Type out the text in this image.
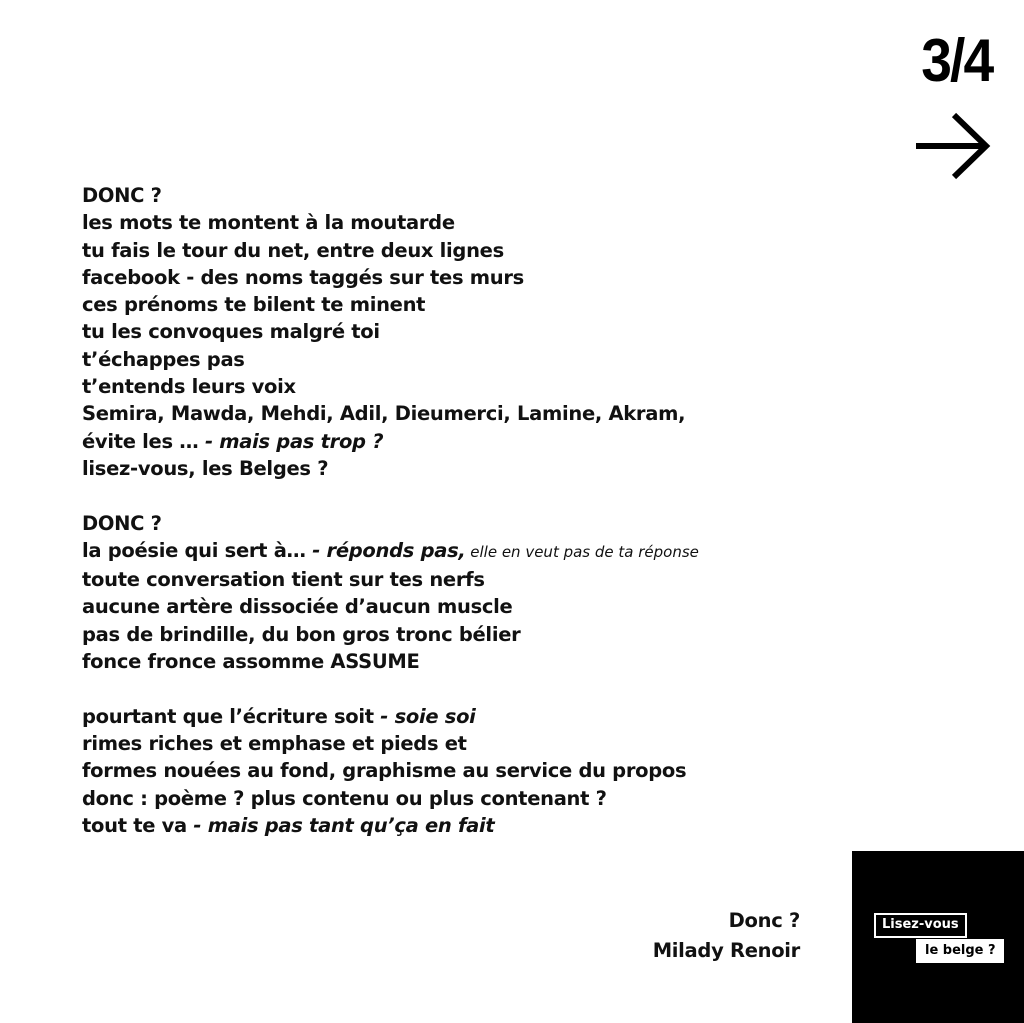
3/4
DONC ?
les mots te montent à la moutarde
tu fais le tour du net, entre deux lignes
facebook - des noms taggés sur tes murs
ces prénoms te bilent te minent
tu les convoques malgré toi
t’échappes pas
t’entends leurs voix
Semira, Mawda, Mehdi, Adil, Dieumerci, Lamine, Akram,
évite les … - mais pas trop ?
lisez-vous, les Belges ?
DONC ?
la poésie qui sert à… - réponds pas, elle en veut pas de ta réponse
toute conversation tient sur tes nerfs
aucune artère dissociée d’aucun muscle
pas de brindille, du bon gros tronc bélier
fonce fronce assomme ASSUME
pourtant que l’écriture soit - soie soi
rimes riches et emphase et pieds et
formes nouées au fond, graphisme au service du propos
donc : poème ? plus contenu ou plus contenant ?
tout te va - mais pas tant qu’ça en fait
Donc ?
Milady Renoir
Lisez-vous
le belge ?
